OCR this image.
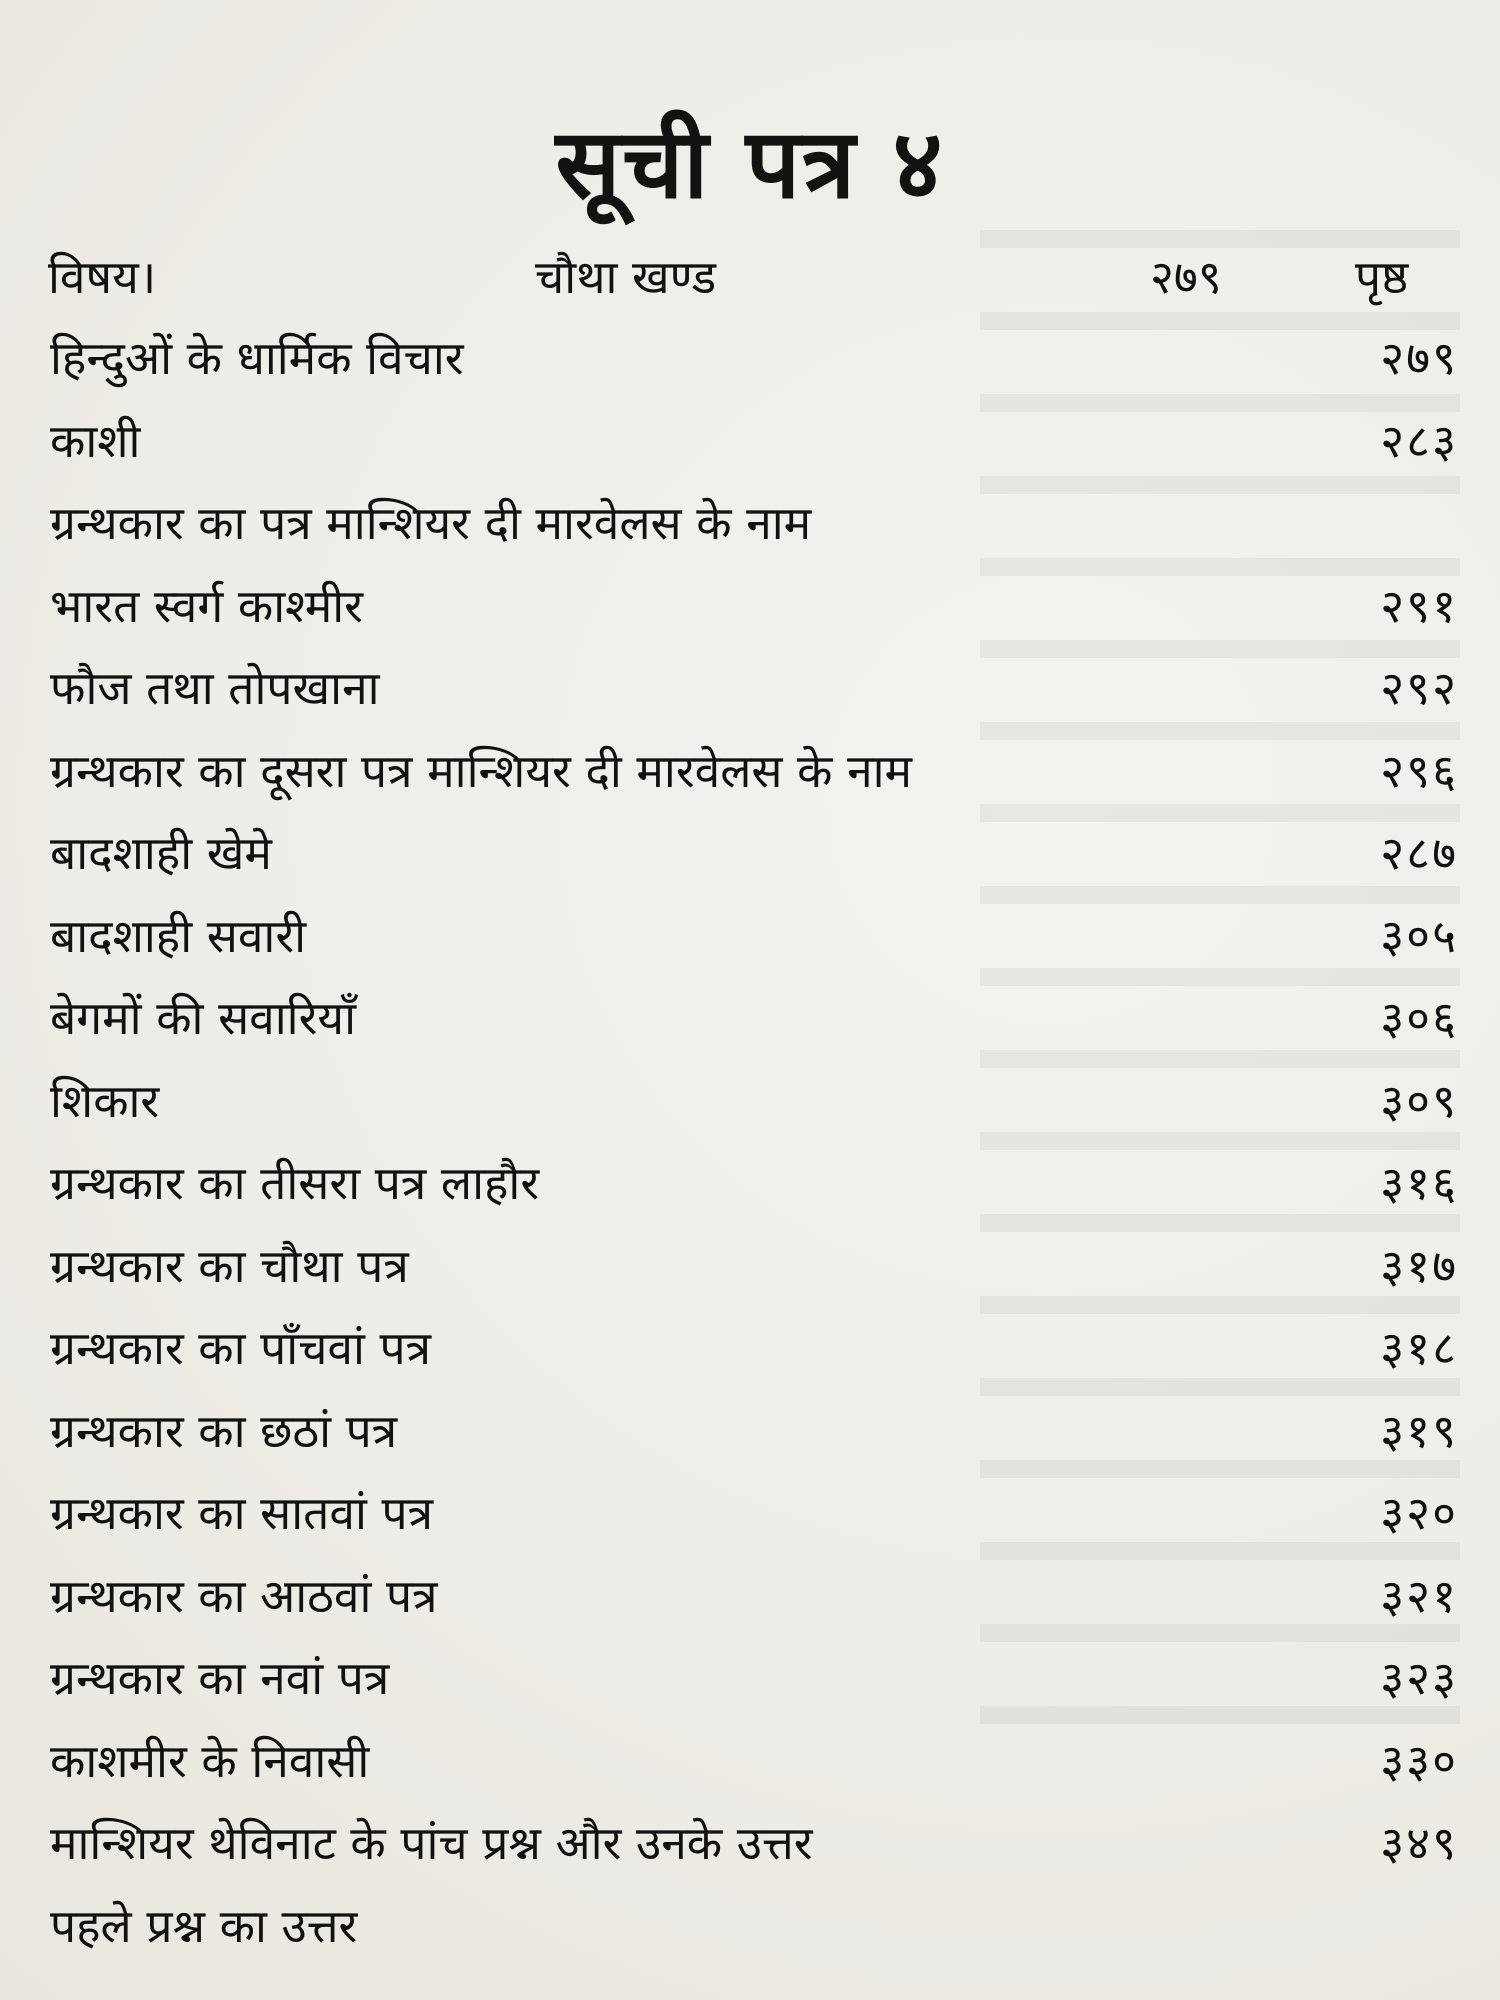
सूची पत्र ४
विषय।	चौथा खण्ड	२७९	पृष्ठ
हिन्दुओं के धार्मिक विचार	२७९
काशी	२८३
ग्रन्थकार का पत्र मान्शियर दी मारवेलस के नाम
भारत स्वर्ग काश्मीर	२९१
फौज तथा तोपखाना	२९२
ग्रन्थकार का दूसरा पत्र मान्शियर दी मारवेलस के नाम	२९६
बादशाही खेमे	२८७
बादशाही सवारी	३०५
बेगमों की सवारियाँ	३०६
शिकार	३०९
ग्रन्थकार का तीसरा पत्र लाहौर	३१६
ग्रन्थकार का चौथा पत्र	३१७
ग्रन्थकार का पाँचवां पत्र	३१८
ग्रन्थकार का छठां पत्र	३१९
ग्रन्थकार का सातवां पत्र	३२०
ग्रन्थकार का आठवां पत्र	३२१
ग्रन्थकार का नवां पत्र	३२३
काशमीर के निवासी	३३०
मान्शियर थेविनाट के पांच प्रश्न और उनके उत्तर	३४९
पहले प्रश्न का उत्तर
